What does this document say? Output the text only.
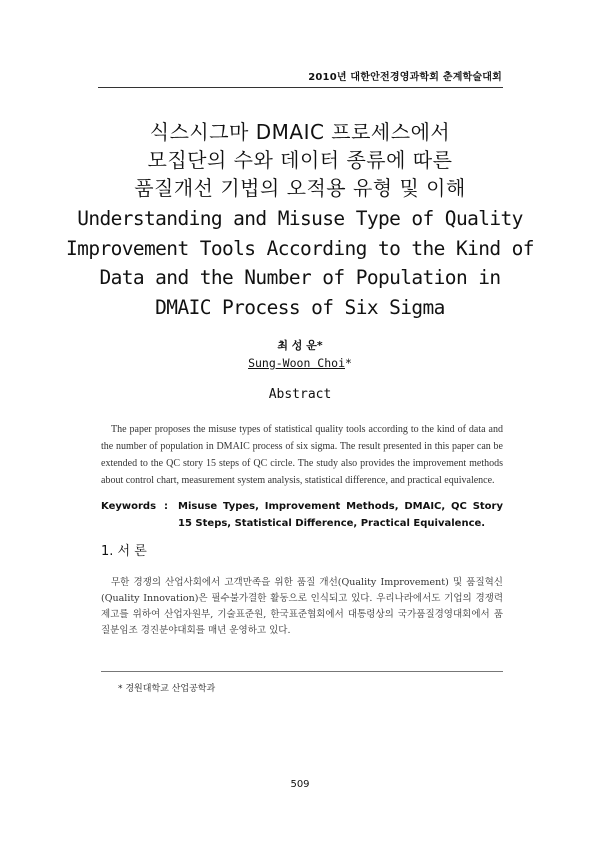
2010년 대한안전경영과학회 춘계학술대회
식스시그마 DMAIC 프로세스에서
모집단의 수와 데이터 종류에 따른
품질개선 기법의 오적용 유형 및 이해
Understanding and Misuse Type of Quality
Improvement Tools According to the Kind of
Data and the Number of Population in
DMAIC Process of Six Sigma
최 성 운*
Sung-Woon Choi*
Abstract
The paper proposes the misuse types of statistical quality tools according to the kind of data and the number of population in DMAIC process of six sigma. The result presented in this paper can be extended to the QC story 15 steps of QC circle. The study also provides the improvement methods about control chart, measurement system analysis, statistical difference, and practical equivalence.
Keywords :	Misuse Types, Improvement Methods, DMAIC, QC Story 15 Steps, Statistical Difference, Practical Equivalence.
1. 서 론
무한 경쟁의 산업사회에서 고객만족을 위한 품질 개선(Quality Improvement) 및 품질혁신(Quality Innovation)은 필수불가결한 활동으로 인식되고 있다. 우리나라에서도 기업의 경쟁력 제고를 위하여 산업자원부, 기술표준원, 한국표준협회에서 대통령상의 국가품질경영대회에서 품질분임조 경진분야대회를 매년 운영하고 있다.
* 경원대학교 산업공학과
509
